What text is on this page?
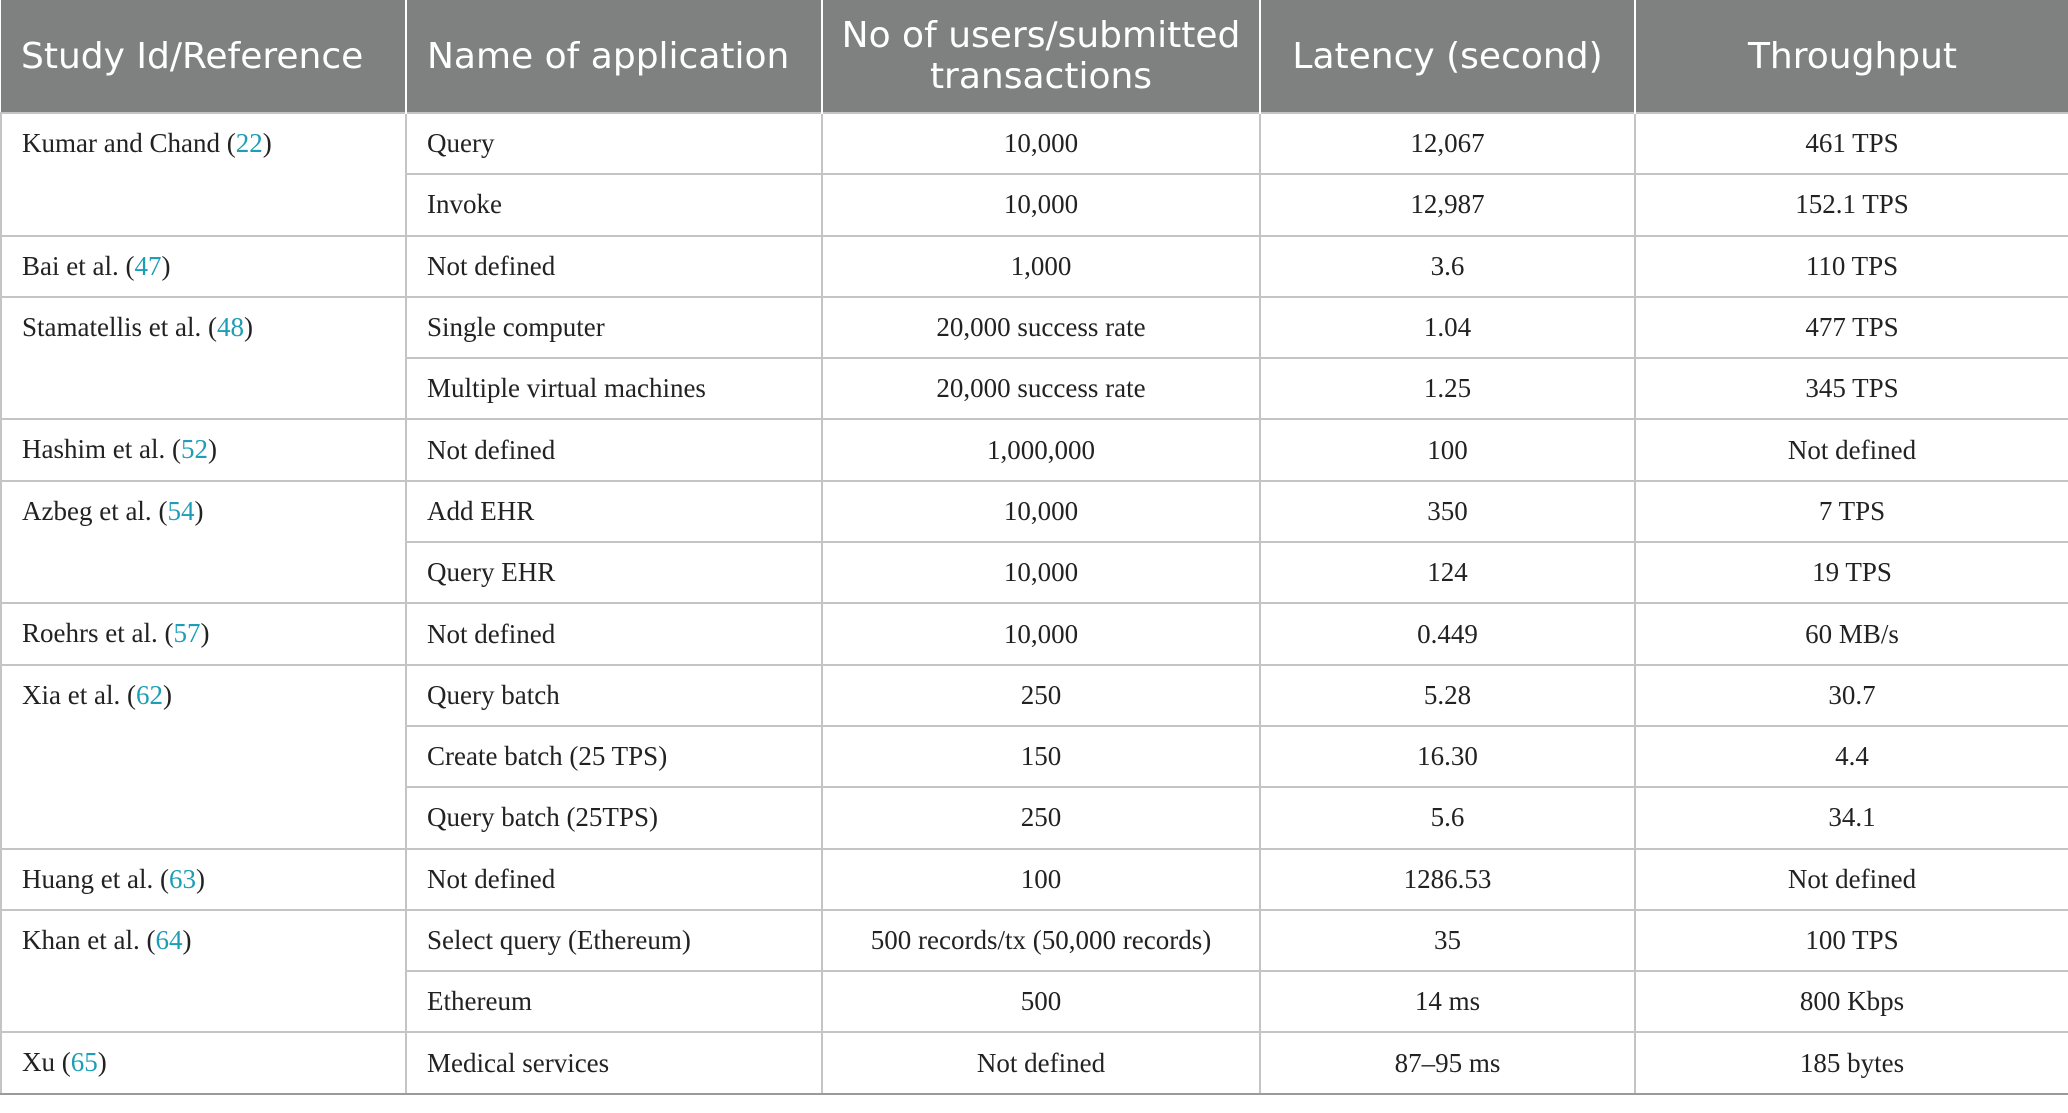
Study Id/Reference	Name of application	No of users/submitted transactions	Latency (second)	Throughput
Kumar and Chand (22)	Query	10,000	12,067	461 TPS
	Invoke	10,000	12,987	152.1 TPS
Bai et al. (47)	Not defined	1,000	3.6	110 TPS
Stamatellis et al. (48)	Single computer	20,000 success rate	1.04	477 TPS
	Multiple virtual machines	20,000 success rate	1.25	345 TPS
Hashim et al. (52)	Not defined	1,000,000	100	Not defined
Azbeg et al. (54)	Add EHR	10,000	350	7 TPS
	Query EHR	10,000	124	19 TPS
Roehrs et al. (57)	Not defined	10,000	0.449	60 MB/s
Xia et al. (62)	Query batch	250	5.28	30.7
	Create batch (25 TPS)	150	16.30	4.4
	Query batch (25TPS)	250	5.6	34.1
Huang et al. (63)	Not defined	100	1286.53	Not defined
Khan et al. (64)	Select query (Ethereum)	500 records/tx (50,000 records)	35	100 TPS
	Ethereum	500	14 ms	800 Kbps
Xu (65)	Medical services	Not defined	87–95 ms	185 bytes
